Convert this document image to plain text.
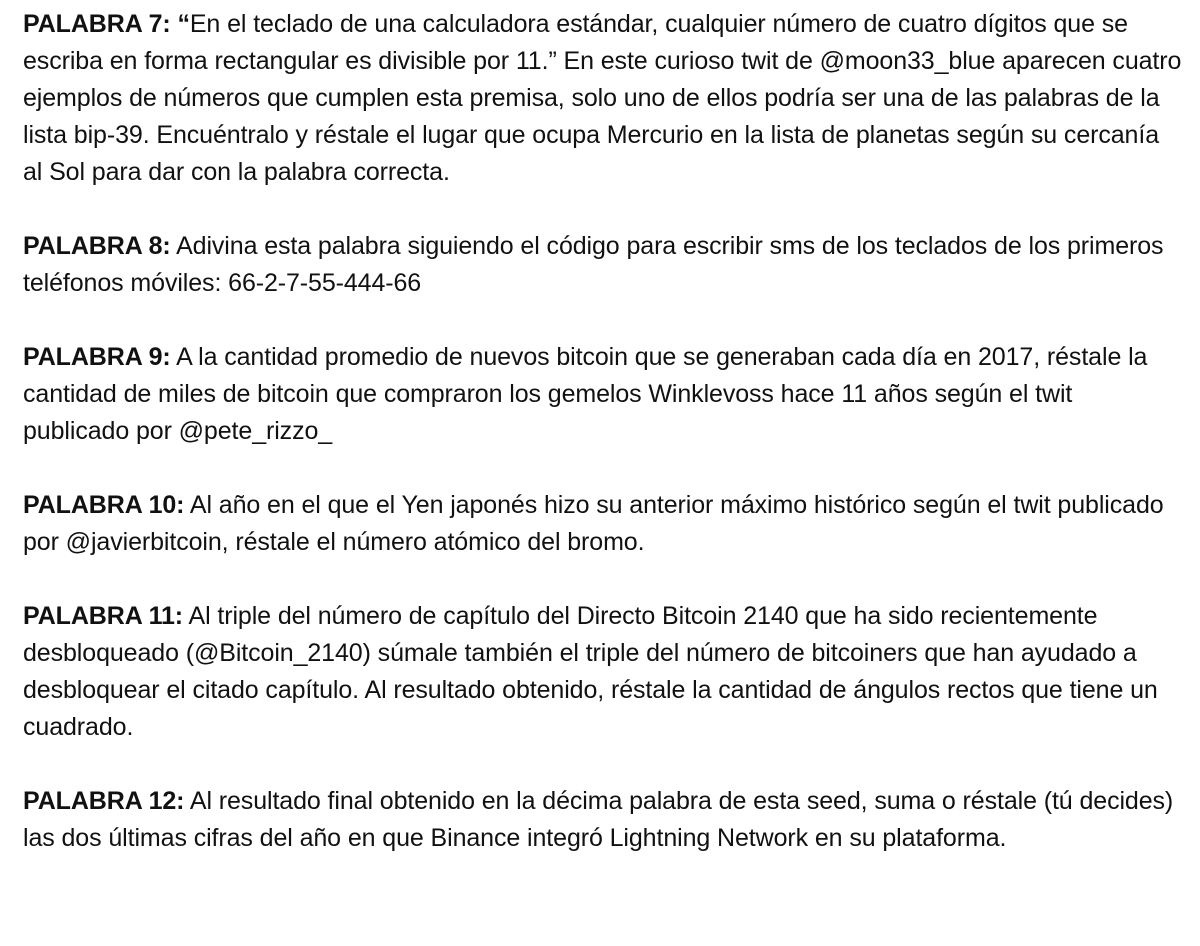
PALABRA 7: “En el teclado de una calculadora estándar, cualquier número de cuatro dígitos que se escriba en forma rectangular es divisible por 11.” En este curioso twit de @moon33_blue aparecen cuatro ejemplos de números que cumplen esta premisa, solo uno de ellos podría ser una de las palabras de la lista bip-39. Encuéntralo y réstale el lugar que ocupa Mercurio en la lista de planetas según su cercanía al Sol para dar con la palabra correcta.

PALABRA 8: Adivina esta palabra siguiendo el código para escribir sms de los teclados de los primeros teléfonos móviles: 66-2-7-55-444-66

PALABRA 9: A la cantidad promedio de nuevos bitcoin que se generaban cada día en 2017, réstale la cantidad de miles de bitcoin que compraron los gemelos Winklevoss hace 11 años según el twit publicado por @pete_rizzo_

PALABRA 10: Al año en el que el Yen japonés hizo su anterior máximo histórico según el twit publicado por @javierbitcoin, réstale el número atómico del bromo.

PALABRA 11: Al triple del número de capítulo del Directo Bitcoin 2140 que ha sido recientemente desbloqueado (@Bitcoin_2140) súmale también el triple del número de bitcoiners que han ayudado a desbloquear el citado capítulo. Al resultado obtenido, réstale la cantidad de ángulos rectos que tiene un cuadrado.

PALABRA 12: Al resultado final obtenido en la décima palabra de esta seed, suma o réstale (tú decides) las dos últimas cifras del año en que Binance integró Lightning Network en su plataforma.
